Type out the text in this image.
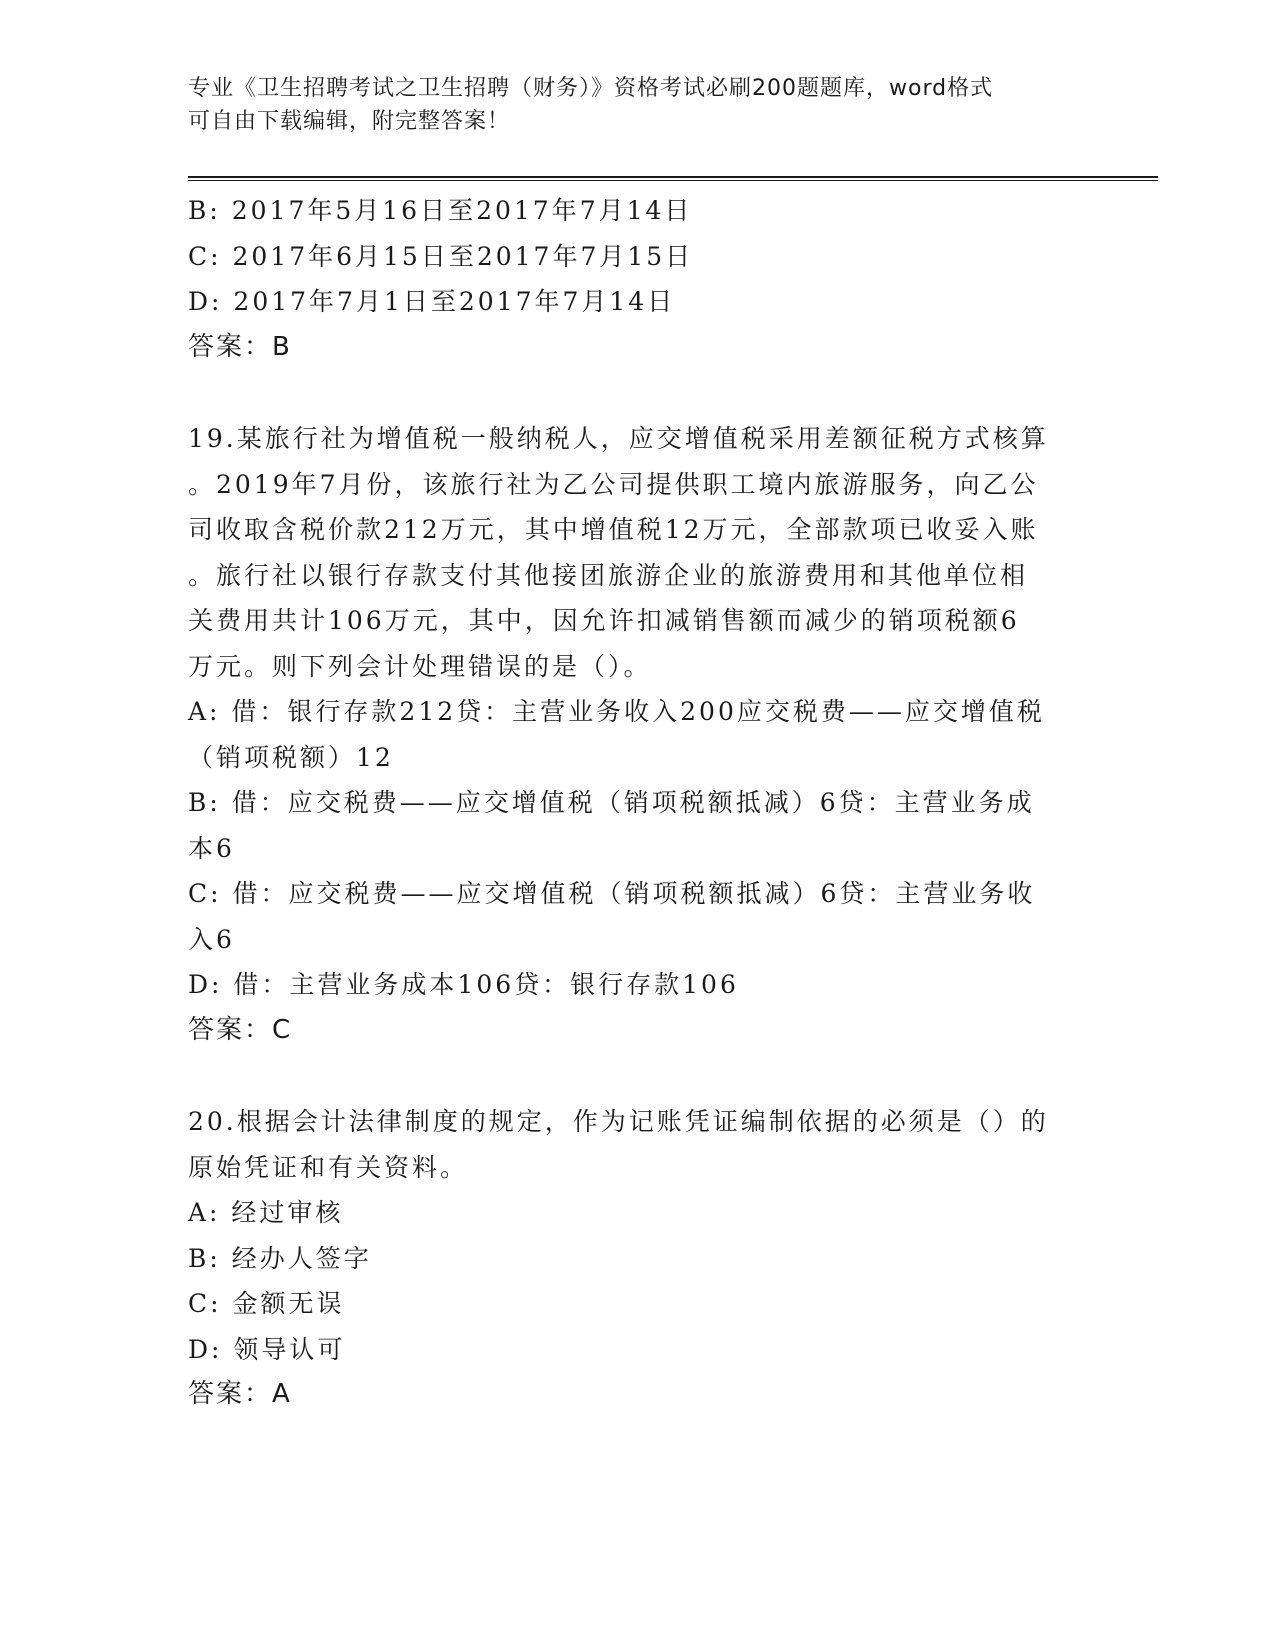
专业《卫生招聘考试之卫生招聘（财务）》资格考试必刷200题题库，word格式
可自由下载编辑，附完整答案！
B: 2017年5月16日至2017年7月14日
C: 2017年6月15日至2017年7月15日
D: 2017年7月1日至2017年7月14日
答案：B
19.某旅行社为增值税一般纳税人，应交增值税采用差额征税方式核算
。2019年7月份，该旅行社为乙公司提供职工境内旅游服务，向乙公
司收取含税价款212万元，其中增值税12万元，全部款项已收妥入账
。旅行社以银行存款支付其他接团旅游企业的旅游费用和其他单位相
关费用共计106万元，其中，因允许扣减销售额而减少的销项税额6
万元。则下列会计处理错误的是（）。
A: 借：银行存款212贷：主营业务收入200应交税费——应交增值税
（销项税额）12
B: 借：应交税费——应交增值税（销项税额抵减）6贷：主营业务成
本6
C: 借：应交税费——应交增值税（销项税额抵减）6贷：主营业务收
入6
D: 借：主营业务成本106贷：银行存款106
答案：C
20.根据会计法律制度的规定，作为记账凭证编制依据的必须是（）的
原始凭证和有关资料。
A: 经过审核
B: 经办人签字
C: 金额无误
D: 领导认可
答案：A
